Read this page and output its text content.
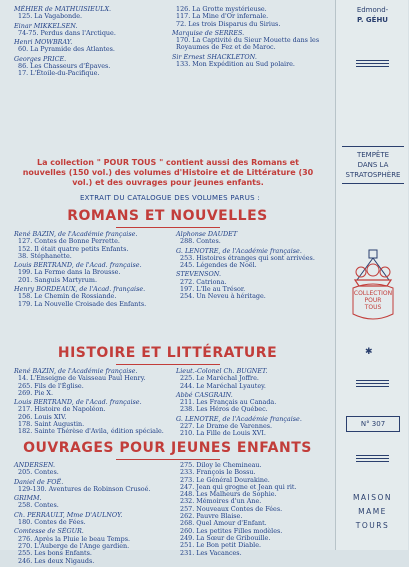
MÉHIER de MATHUISIEULX.
125. La Vagabonde.
Einar MIKKELSEN.
74-75. Perdus dans l'Arctique.
Henri MOWBRAY.
60. La Pyramide des Atlantes.
Georges PRICE.
86. Les Chasseurs d'Épaves.
17. L'Étoile-du-Pacifique.
126. La Grotte mystérieuse.
117. La Mine d'Or infernale.
72. Les trois Disparus du Sirius.
Marquise de SERRES.
170. La Captivité du Sieur Mouette dans les Royaumes de Fez et de Maroc.
Sir Ernest SHACKLETON.
133. Mon Expédition au Sud polaire.
La collection " POUR TOUS " contient aussi des Romans et nouvelles (150 vol.) des volumes d'Histoire et de Littérature (30 vol.) et des ouvrages pour jeunes enfants.
EXTRAIT DU CATALOGUE DES VOLUMES PARUS :
ROMANS ET NOUVELLES
René BAZIN, de l'Académie française.
127. Contes de Bonne Perrette.
152. Il était quatre petits Enfants.
38. Stéphanette.
Louis BERTRAND, de l'Acad. française.
199. La Ferme dans la Brousse.
201. Sanguis Martyrum.
Henry BORDEAUX, de l'Acad. française.
158. Le Chemin de Rossiande.
179. La Nouvelle Croisade des Enfants.
Alphonse DAUDET
288. Contes.
G. LENOTRE, de l'Académie française.
253. Histoires étranges qui sont arrivées.
245. Légendes de Noël.
STEVENSON.
272. Catriona.
197. L'Ile au Trésor.
254. Un Neveu à héritage.
HISTOIRE ET LITTÉRATURE
René BAZIN, de l'Académie française.
14. L'Enseigne de Vaisseau Paul Henry.
265. Fils de l'Église.
269. Pie X.
Louis BERTRAND, de l'Acad. française.
217. Histoire de Napoléon.
206. Louis XIV.
178. Saint Augustin.
182. Sainte Thérèse d'Avila, édition spéciale.
Lieut.-Colonel Ch. BUGNET.
225. Le Maréchal Joffre.
244. Le Maréchal Lyautey.
Abbé CASGRAIN.
211. Les Français au Canada.
238. Les Héros de Québec.
G. LENOTRE, de l'Académie française.
227. Le Drame de Varennes.
210. La Fille de Louis XVI.
OUVRAGES POUR JEUNES ENFANTS
ANDERSEN.
205. Contes.
Daniel de FOË.
129-130. Aventures de Robinson Crusoé.
GRIMM.
258. Contes.
Ch. PERRAULT, Mme D'AULNOY.
180. Contes de Fées.
Comtesse de SÉGUR.
276. Après la Pluie le beau Temps.
270. L'Auberge de l'Ange gardien.
255. Les bons Enfants.
246. Les deux Nigauds.
275. Diloy le Chemineau.
233. François le Bossu.
273. Le Général Dourakine.
247. Jean qui grogne et Jean qui rit.
248. Les Malheurs de Sophie.
232. Mémoires d'un Ane.
257. Nouveaux Contes de Fées.
262. Pauvre Blaise.
268. Quel Amour d'Enfant.
260. Les petites Filles modèles.
249. La Sœur de Gribouille.
251. Le Bon petit Diable.
231. Les Vacances.
Edmond-
P. GÉHU
TEMPÊTE
DANS LA
STRATOSPHÈRE
COLLECTION
POUR
TOUS
✱
N° 307
MAISON
MAME
TOURS
